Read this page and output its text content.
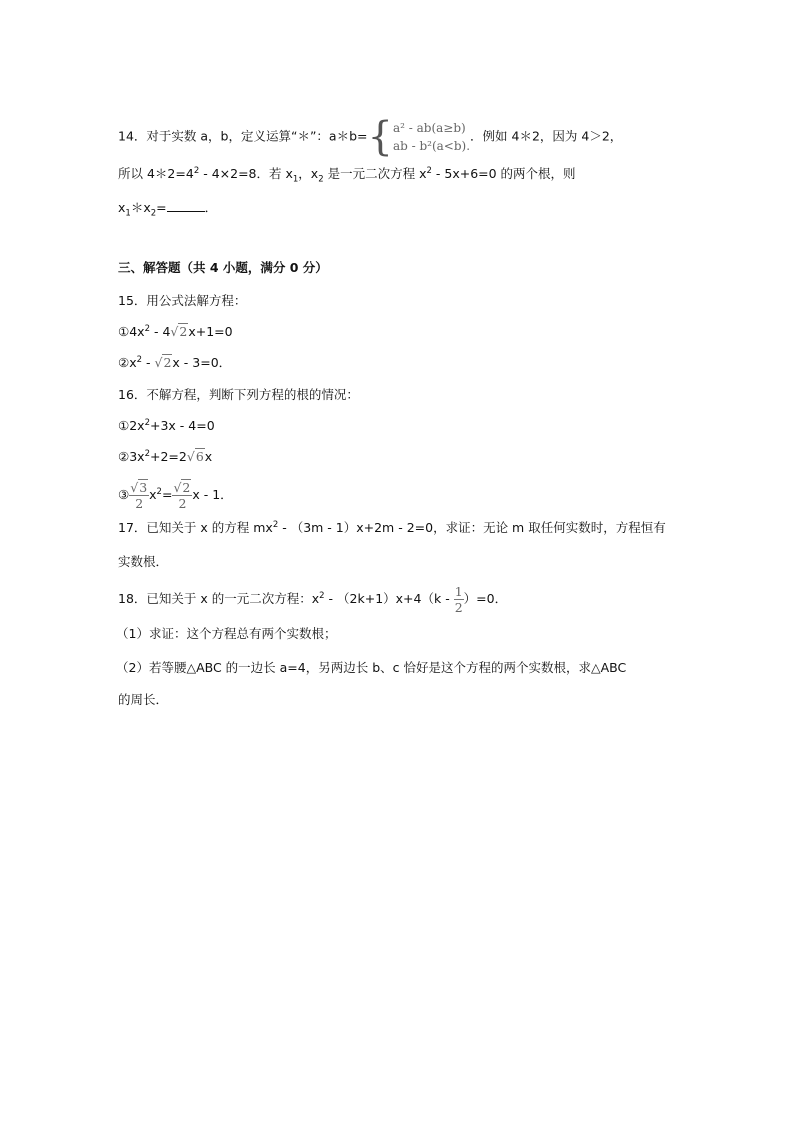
14．对于实数 a，b，定义运算“＊”：a＊b={ a² - ab(a≥b)
ab - b²(a<b).
．例如 4＊2，因为 4＞2，
所以 $4*2=4^2 - 4\times 2=8$．若 $x_1$，$x_2$ 是一元二次方程 $x^2 - 5x+6=0$ 的两个根，则
$x_1*x_2=$	．
三、解答题（共 4 小题，满分 0 分）
15．用公式法解方程：
$①4x^2 - 4√2x+1=0$
$②x^2 - √2x - 3=0$．
16．不解方程，判断下列方程的根的情况：
$①2x^2+3x - 4=0$
$②3x^2+2=2√6x$
③ $\frac{√3}{2} x^2= \frac{√2}{2}$ x - 1．
17．已知关于 x 的方程 $mx^2 - (3m - 1)x+2m - 2=0$，求证：无论 m 取任何实数时，方程恒有
实数根．
18．已知关于 x 的一元二次方程：$x^2 - (2k+1)x+4(k - \frac{1}{2} )=0$．
（1）求证：这个方程总有两个实数根；
（2）若等腰△ABC 的一边长 a=4，另两边长 b、c 恰好是这个方程的两个实数根，求△ABC
的周长．
